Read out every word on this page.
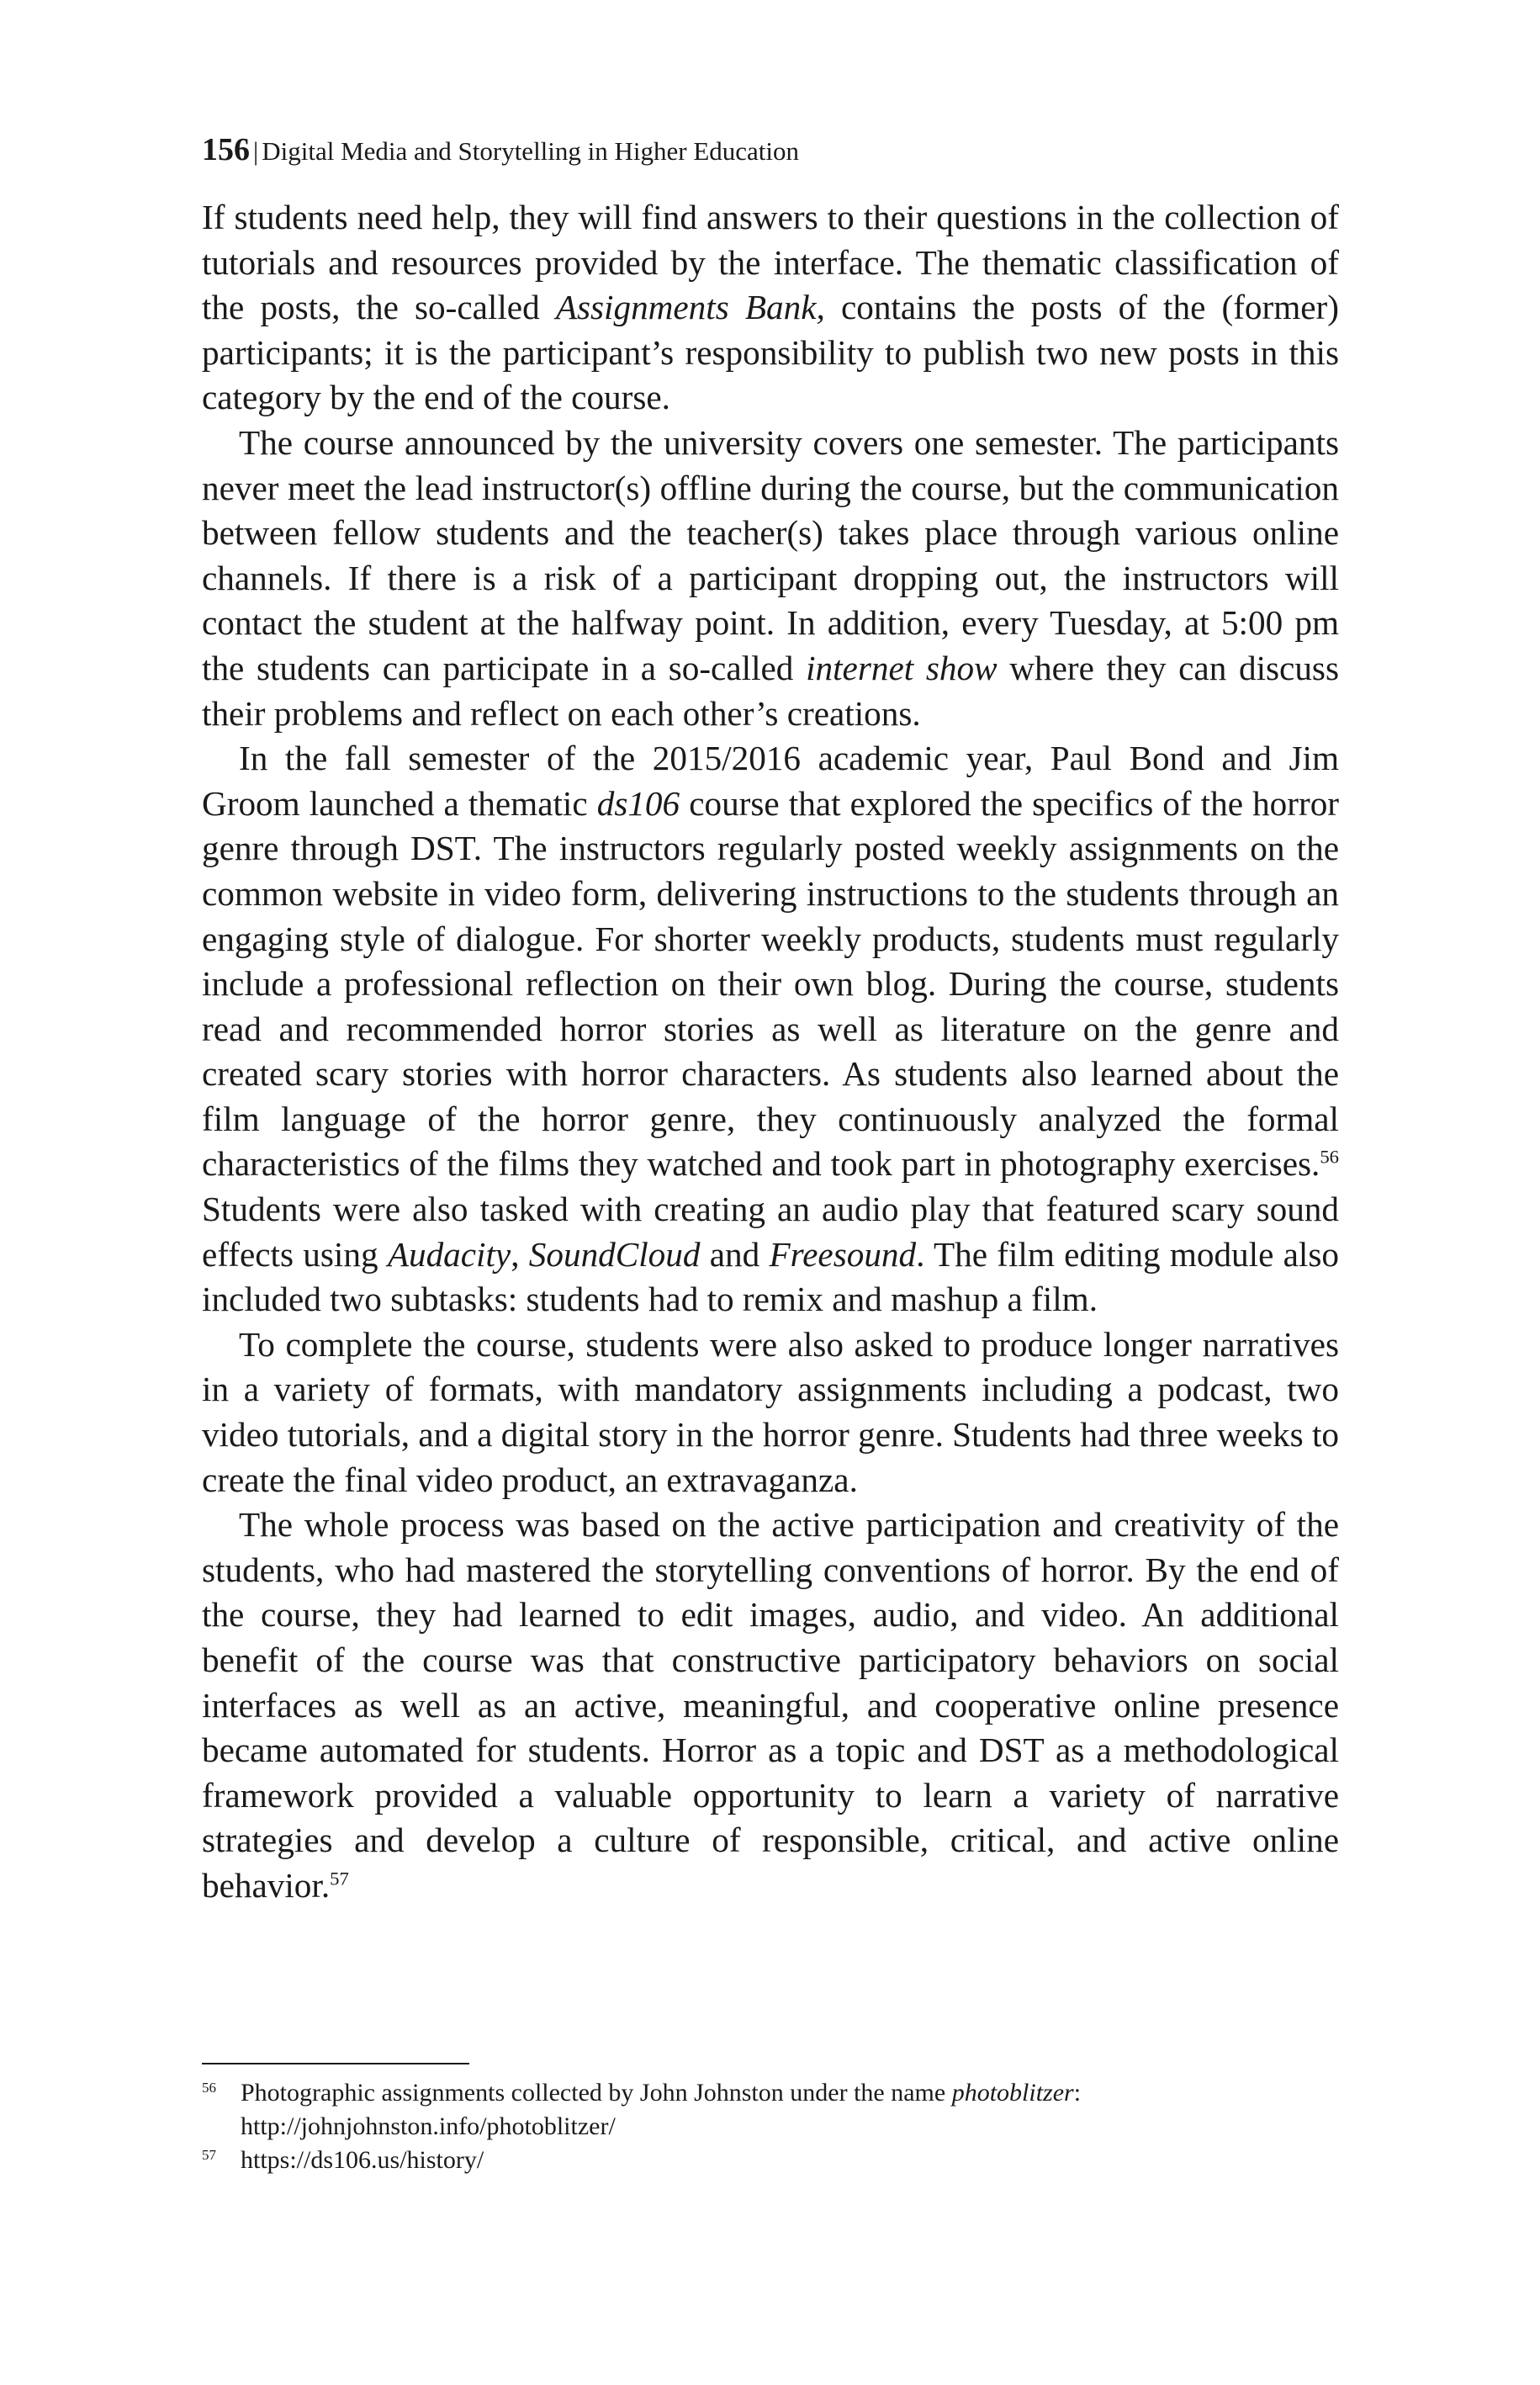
156 | Digital Media and Storytelling in Higher Education

If students need help, they will find answers to their questions in the collection of tutorials and resources provided by the interface. The thematic classification of the posts, the so-called Assignments Bank, contains the posts of the (former) participants; it is the participant’s responsibility to publish two new posts in this category by the end of the course.

The course announced by the university covers one semester. The participants never meet the lead instructor(s) offline during the course, but the communication between fellow students and the teacher(s) takes place through various online channels. If there is a risk of a participant dropping out, the instructors will contact the student at the halfway point. In addition, every Tuesday, at 5:00 pm the students can participate in a so-called internet show where they can discuss their problems and reflect on each other’s creations.

In the fall semester of the 2015/2016 academic year, Paul Bond and Jim Groom launched a thematic ds106 course that explored the specifics of the horror genre through DST. The instructors regularly posted weekly assignments on the common website in video form, delivering instructions to the students through an engaging style of dialogue. For shorter weekly products, students must regularly include a professional reflection on their own blog. During the course, students read and recommended horror stories as well as literature on the genre and created scary stories with horror characters. As students also learned about the film language of the horror genre, they continuously analyzed the formal characteristics of the films they watched and took part in photography exercises.$^{56}$ Students were also tasked with creating an audio play that featured scary sound effects using Audacity, SoundCloud and Freesound. The film editing module also included two subtasks: students had to remix and mashup a film.

To complete the course, students were also asked to produce longer narratives in a variety of formats, with mandatory assignments including a podcast, two video tutorials, and a digital story in the horror genre. Students had three weeks to create the final video product, an extravaganza.

The whole process was based on the active participation and creativity of the students, who had mastered the storytelling conventions of horror. By the end of the course, they had learned to edit images, audio, and video. An additional benefit of the course was that constructive participatory behaviors on social interfaces as well as an active, meaningful, and cooperative online presence became automated for students. Horror as a topic and DST as a methodological framework provided a valuable opportunity to learn a variety of narrative strategies and develop a culture of responsible, critical, and active online behavior.$^{57}$

56 Photographic assignments collected by John Johnston under the name photoblitzer: http://johnjohnston.info/photoblitzer/

57 https://ds106.us/history/
